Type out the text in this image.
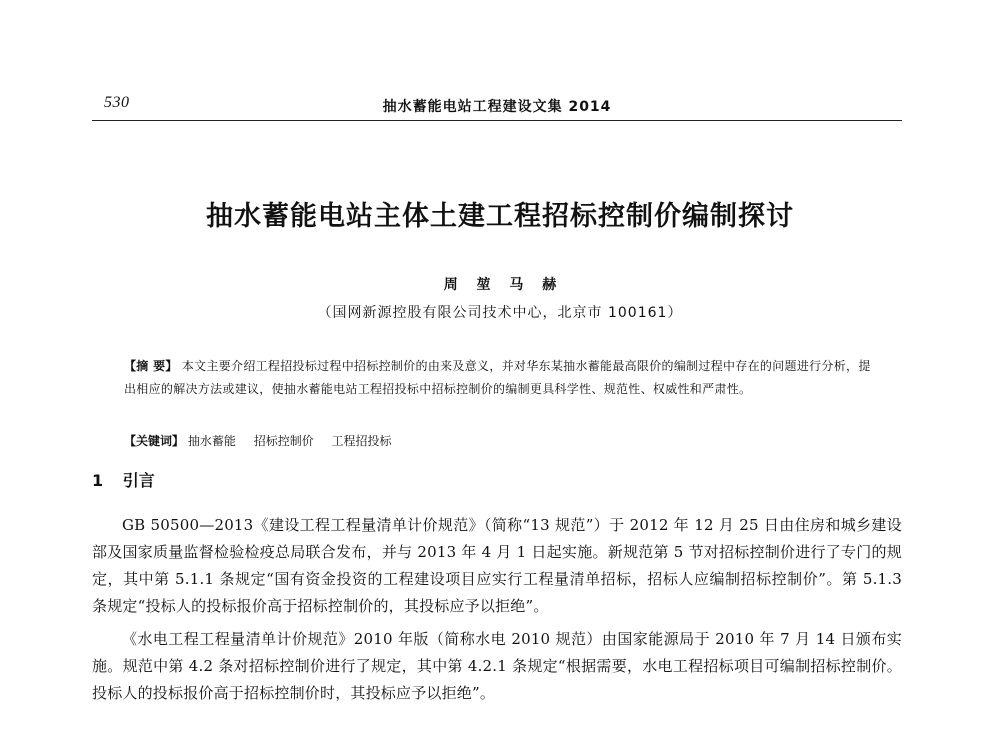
530	抽水蓄能电站工程建设文集 2014
抽水蓄能电站主体土建工程招标控制价编制探讨
周 堃 马 赫
（国网新源控股有限公司技术中心，北京市 100161）
【摘 要】 本文主要介绍工程招投标过程中招标控制价的由来及意义，并对华东某抽水蓄能最高限价的编制过程中存在的问题进行分析，提出相应的解决方法或建议，使抽水蓄能电站工程招投标中招标控制价的编制更具科学性、规范性、权威性和严肃性。
【关键词】 抽水蓄能 招标控制价 工程招投标
1 引言

GB 50500—2013《建设工程工程量清单计价规范》（简称“13 规范”）于 2012 年 12 月 25 日由住房和城乡建设部及国家质量监督检验检疫总局联合发布，并与 2013 年 4 月 1 日起实施。新规范第 5 节对招标控制价进行了专门的规定，其中第 5.1.1 条规定“国有资金投资的工程建设项目应实行工程量清单招标，招标人应编制招标控制价”。第 5.1.3 条规定“投标人的投标报价高于招标控制价的，其投标应予以拒绝”。

《水电工程工程量清单计价规范》2010 年版（简称水电 2010 规范）由国家能源局于 2010 年 7 月 14 日颁布实施。规范中第 4.2 条对招标控制价进行了规定，其中第 4.2.1 条规定“根据需要，水电工程招标项目可编制招标控制价。投标人的投标报价高于招标控制价时，其投标应予以拒绝”。
